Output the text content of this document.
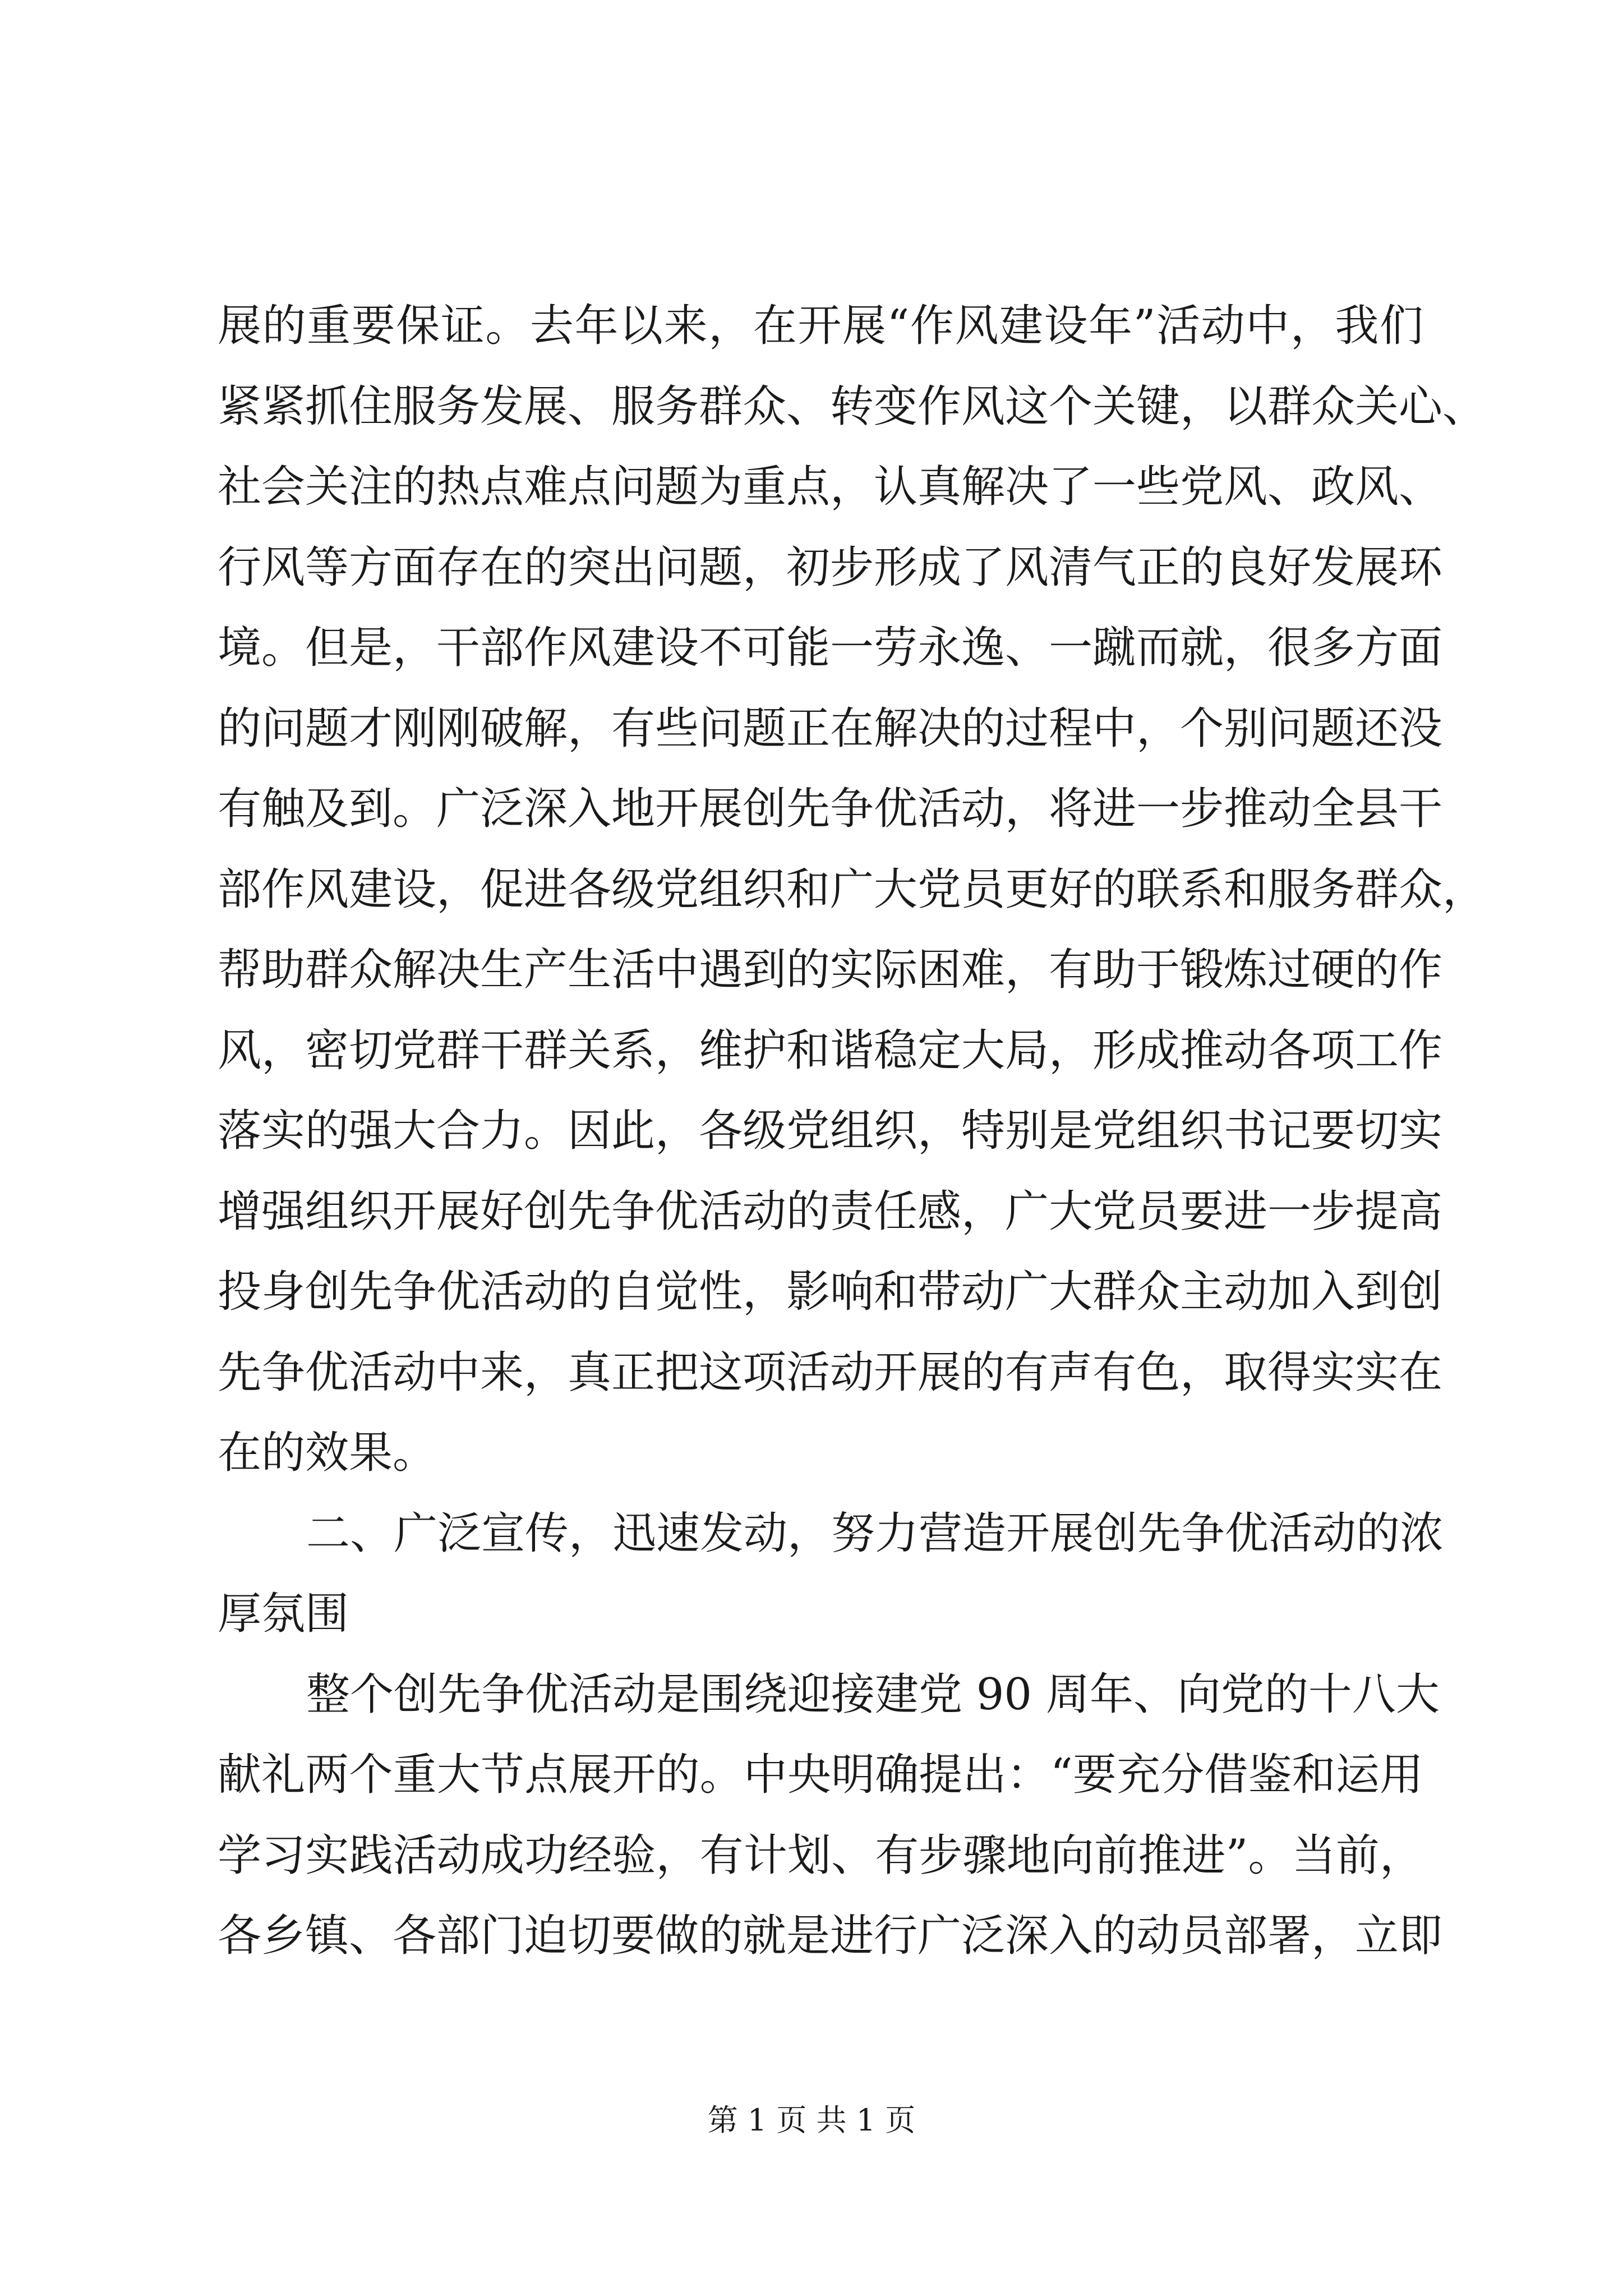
展的重要保证。去年以来，在开展“作风建设年”活动中，我们
紧紧抓住服务发展、服务群众、转变作风这个关键，以群众关心、
社会关注的热点难点问题为重点，认真解决了一些党风、政风、
行风等方面存在的突出问题，初步形成了风清气正的良好发展环
境。但是，干部作风建设不可能一劳永逸、一蹴而就，很多方面
的问题才刚刚破解，有些问题正在解决的过程中，个别问题还没
有触及到。广泛深入地开展创先争优活动，将进一步推动全县干
部作风建设，促进各级党组织和广大党员更好的联系和服务群众，
帮助群众解决生产生活中遇到的实际困难，有助于锻炼过硬的作
风，密切党群干群关系，维护和谐稳定大局，形成推动各项工作
落实的强大合力。因此，各级党组织，特别是党组织书记要切实
增强组织开展好创先争优活动的责任感，广大党员要进一步提高
投身创先争优活动的自觉性，影响和带动广大群众主动加入到创
先争优活动中来，真正把这项活动开展的有声有色，取得实实在
在的效果。
二、广泛宣传，迅速发动，努力营造开展创先争优活动的浓
厚氛围
整个创先争优活动是围绕迎接建党 90 周年、向党的十八大
献礼两个重大节点展开的。中央明确提出：“要充分借鉴和运用
学习实践活动成功经验，有计划、有步骤地向前推进”。当前，
各乡镇、各部门迫切要做的就是进行广泛深入的动员部署，立即
第 1 页 共 1 页
